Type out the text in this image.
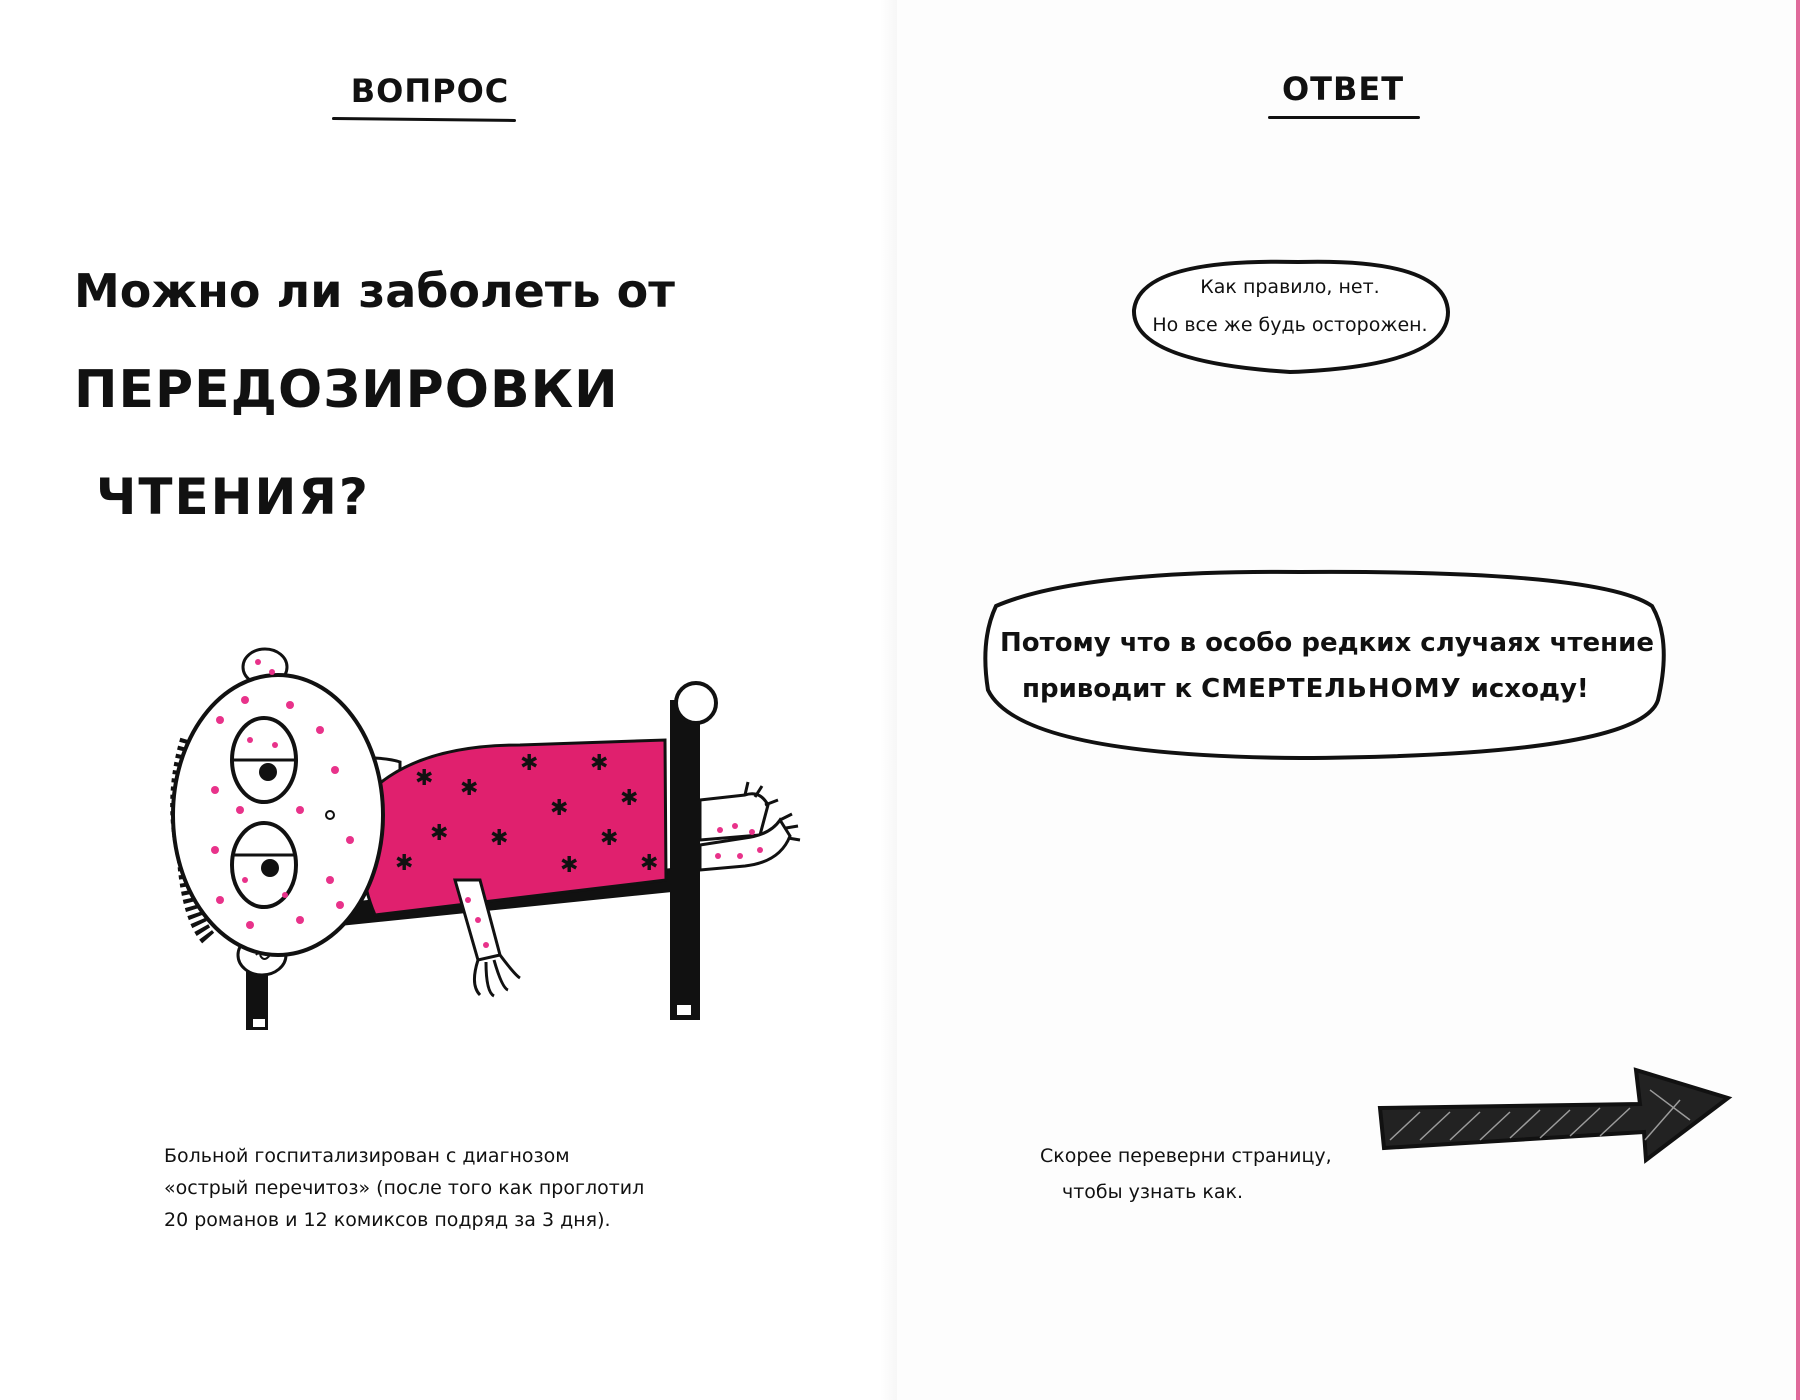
ВОПРОС
Можно ли заболеть от
ПЕРЕДОЗИРОВКИ
ЧТЕНИЯ?
✱
✱ ✱
✱	✱
✱
✱ ✱	✱
✱	✱	✱
Больной госпитализирован с диагнозом
«острый перечитоз» (после того как проглотил
20 романов и 12 комиксов подряд за 3 дня).
ОТВЕТ
Как правило, нет.
Но все же будь осторожен.
Потому что в особо редких случаях чтение
приводит к СМЕРТЕЛЬНОМУ исходу!
Скорее переверни страницу,
чтобы узнать как.
